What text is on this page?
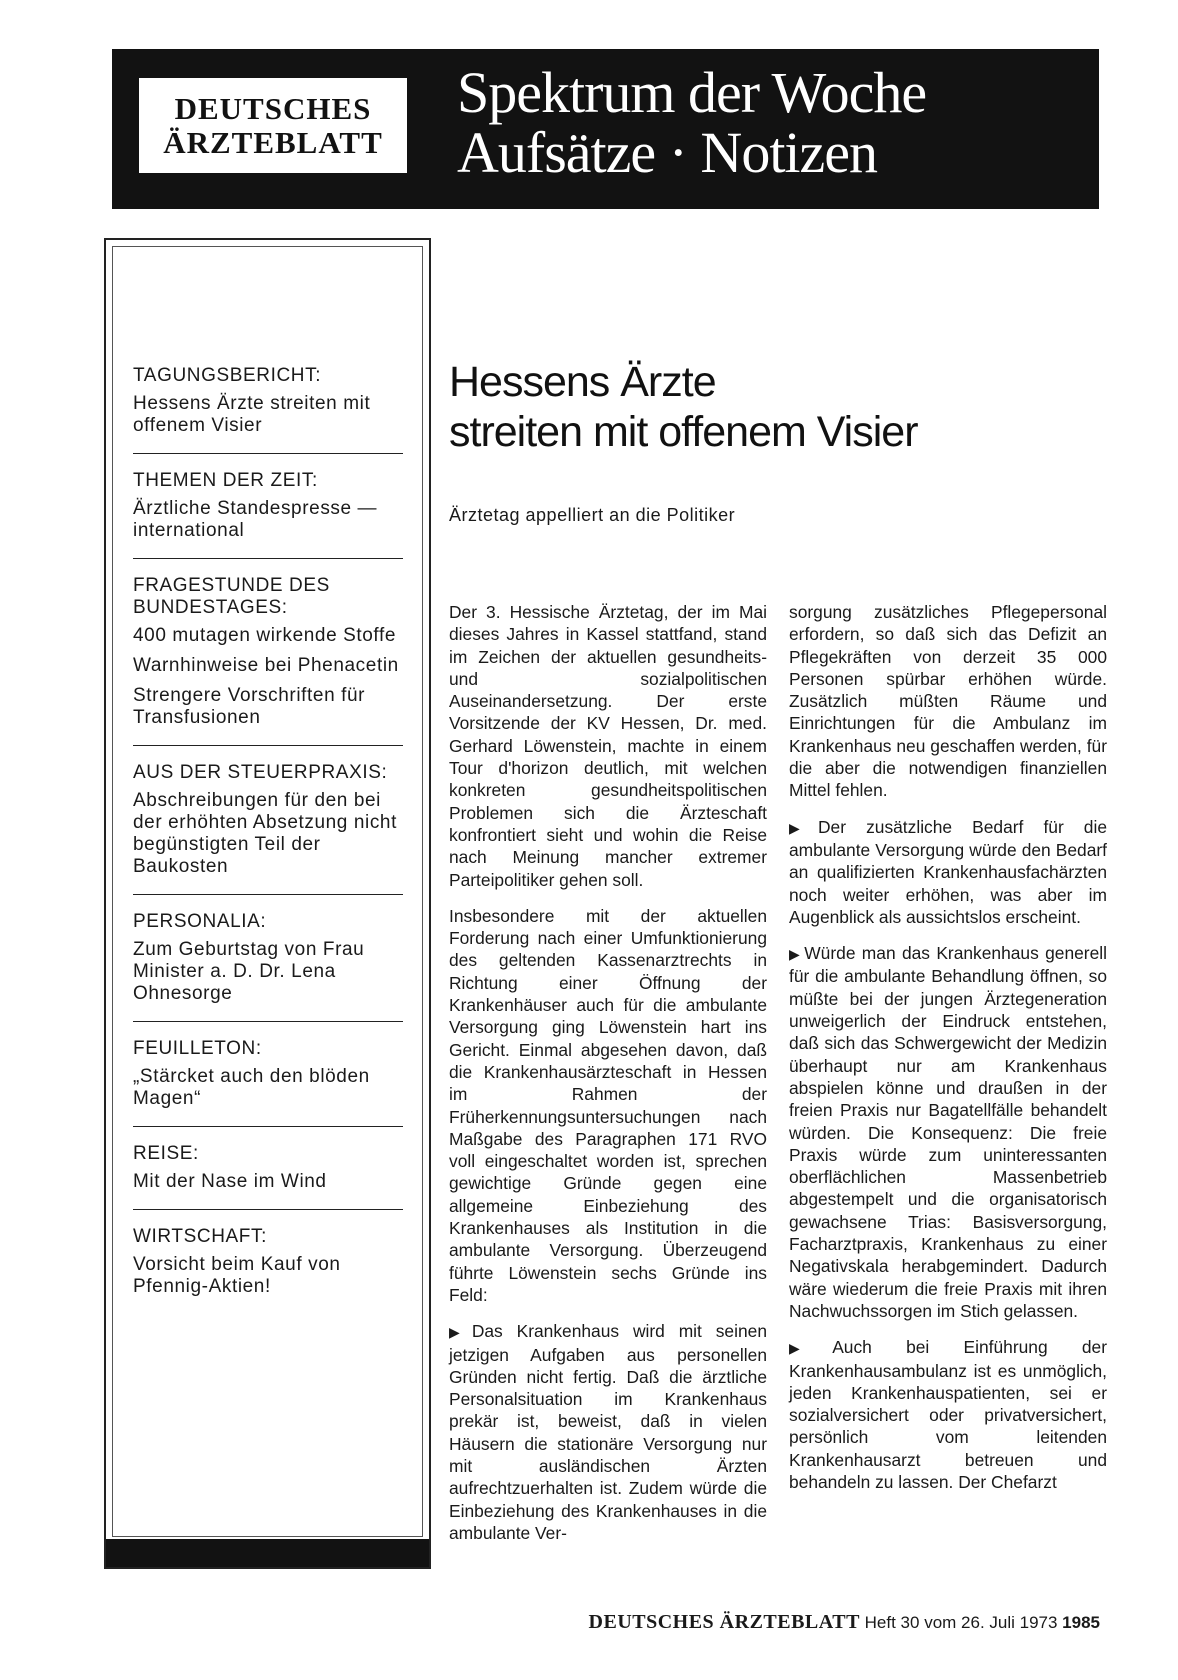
DEUTSCHES
ÄRZTEBLATT
Spektrum der Woche
Aufsätze · Notizen
TAGUNGSBERICHT:
Hessens Ärzte streiten mit offenem Visier
THEMEN DER ZEIT:
Ärztliche Standespresse — international
FRAGESTUNDE DES BUNDESTAGES:
400 mutagen wirkende Stoffe
Warnhinweise bei Phenacetin
Strengere Vorschriften für Transfusionen
AUS DER STEUERPRAXIS:
Abschreibungen für den bei der erhöhten Absetzung nicht begünstigten Teil der Baukosten
PERSONALIA:
Zum Geburtstag von Frau Minister a. D. Dr. Lena Ohnesorge
FEUILLETON:
„Stärcket auch den blöden Magen“
REISE:
Mit der Nase im Wind
WIRTSCHAFT:
Vorsicht beim Kauf von Pfennig-Aktien!
Hessens Ärzte
streiten mit offenem Visier
Ärztetag appelliert an die Politiker

Der 3. Hessische Ärztetag, der im Mai dieses Jahres in Kassel stattfand, stand im Zeichen der aktuellen gesundheits- und sozialpolitischen Auseinandersetzung. Der erste Vorsitzende der KV Hessen, Dr. med. Gerhard Löwenstein, machte in einem Tour d'horizon deutlich, mit welchen konkreten gesundheitspolitischen Problemen sich die Ärzteschaft konfrontiert sieht und wohin die Reise nach Meinung mancher extremer Parteipolitiker gehen soll.

Insbesondere mit der aktuellen Forderung nach einer Umfunktionierung des geltenden Kassenarztrechts in Richtung einer Öffnung der Krankenhäuser auch für die ambulante Versorgung ging Löwenstein hart ins Gericht. Einmal abgesehen davon, daß die Krankenhausärzteschaft in Hessen im Rahmen der Früherkennungsuntersuchungen nach Maßgabe des Paragraphen 171 RVO voll eingeschaltet worden ist, sprechen gewichtige Gründe gegen eine allgemeine Einbeziehung des Krankenhauses als Institution in die ambulante Versorgung. Überzeugend führte Löwenstein sechs Gründe ins Feld:

▶ Das Krankenhaus wird mit seinen jetzigen Aufgaben aus personellen Gründen nicht fertig. Daß die ärztliche Personalsituation im Krankenhaus prekär ist, beweist, daß in vielen Häusern die stationäre Versorgung nur mit ausländischen Ärzten aufrechtzuerhalten ist. Zudem würde die Einbeziehung des Krankenhauses in die ambulante Ver-

sorgung zusätzliches Pflegepersonal erfordern, so daß sich das Defizit an Pflegekräften von derzeit 35 000 Personen spürbar erhöhen würde. Zusätzlich müßten Räume und Einrichtungen für die Ambulanz im Krankenhaus neu geschaffen werden, für die aber die notwendigen finanziellen Mittel fehlen.

▶ Der zusätzliche Bedarf für die ambulante Versorgung würde den Bedarf an qualifizierten Krankenhausfachärzten noch weiter erhöhen, was aber im Augenblick als aussichtslos erscheint.

▶ Würde man das Krankenhaus generell für die ambulante Behandlung öffnen, so müßte bei der jungen Ärztegeneration unweigerlich der Eindruck entstehen, daß sich das Schwergewicht der Medizin überhaupt nur am Krankenhaus abspielen könne und draußen in der freien Praxis nur Bagatellfälle behandelt würden. Die Konsequenz: Die freie Praxis würde zum uninteressanten oberflächlichen Massenbetrieb abgestempelt und die organisatorisch gewachsene Trias: Basisversorgung, Facharztpraxis, Krankenhaus zu einer Negativskala herabgemindert. Dadurch wäre wiederum die freie Praxis mit ihren Nachwuchssorgen im Stich gelassen.

▶ Auch bei Einführung der Krankenhausambulanz ist es unmöglich, jeden Krankenhauspatienten, sei er sozialversichert oder privatversichert, persönlich vom leitenden Krankenhausarzt betreuen und behandeln zu lassen. Der Chefarzt

DEUTSCHES ÄRZTEBLATT Heft 30 vom 26. Juli 1973 1985
